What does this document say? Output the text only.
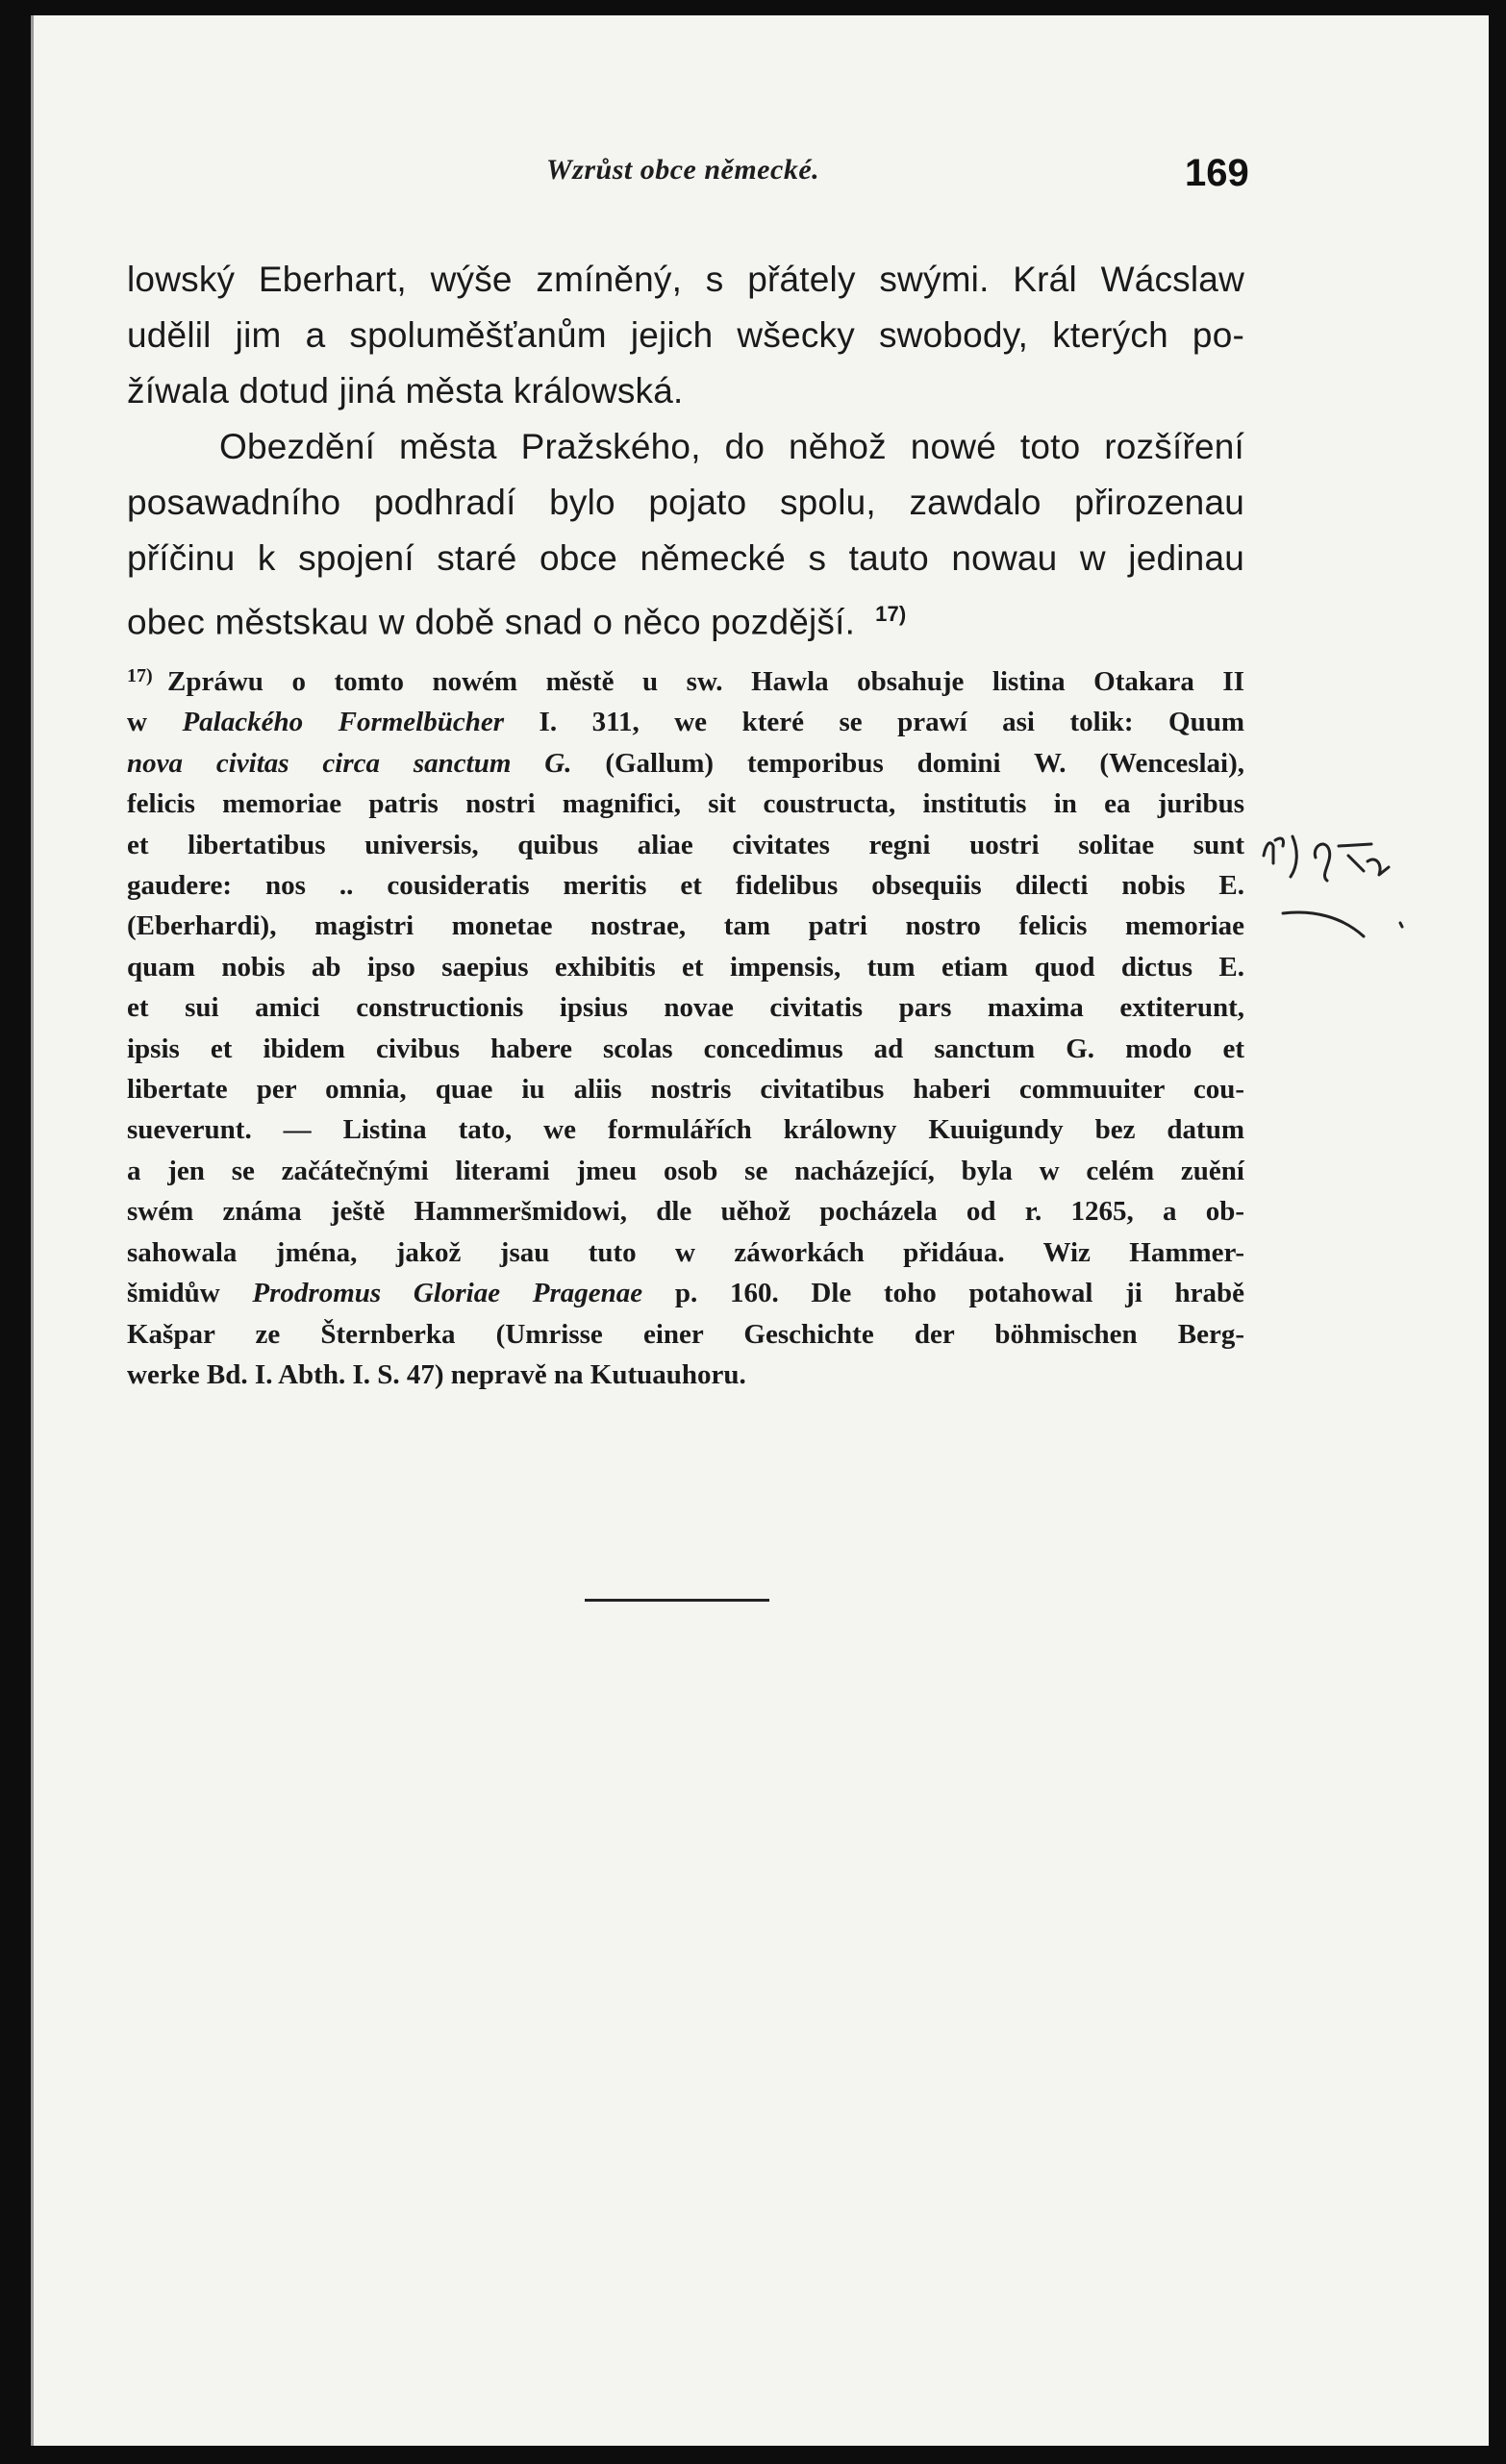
Wzrůst obce německé.	169
lowský Eberhart, wýše zmíněný, s přátely swými. Král Wácslaw
udělil jim a spoluměšťanům jejich wšecky swobody, kterých po-
žíwala dotud jiná města králowská.
Obezdění města Pražského, do něhož nowé toto rozšíření
posawadního podhradí bylo pojato spolu, zawdalo přirozenau
příčinu k spojení staré obce německé s tauto nowau w jedinau
obec městskau w době snad o něco pozdější. $^{17)}$
17) Zpráwu o tomto nowém městě u sw. Hawla obsahuje listina Otakara II
w Palackého Formelbücher I. 311, we které se prawí asi tolik: Quum
nova civitas circa sanctum G. (Gallum) temporibus domini W. (Wenceslai),
felicis memoriae patris nostri magnifici, sit coustructa, institutis in ea juribus
et libertatibus universis, quibus aliae civitates regni uostri solitae sunt
gaudere: nos .. cousideratis meritis et fidelibus obsequiis dilecti nobis E.
(Eberhardi), magistri monetae nostrae, tam patri nostro felicis memoriae
quam nobis ab ipso saepius exhibitis et impensis, tum etiam quod dictus E.
et sui amici constructionis ipsius novae civitatis pars maxima extiterunt,
ipsis et ibidem civibus habere scolas concedimus ad sanctum G. modo et
libertate per omnia, quae iu aliis nostris civitatibus haberi commuuiter cou-
sueverunt. — Listina tato, we formulářích králowny Kuuigundy bez datum
a jen se začátečnými literami jmeu osob se nacházející, byla w celém zuění
swém známa ještě Hammeršmidowi, dle uěhož pocházela od r. 1265, a ob-
sahowala jména, jakož jsau tuto w záworkách přidáua. Wiz Hammer-
šmidůw Prodromus Gloriae Pragenae p. 160. Dle toho potahowal ji hrabě
Kašpar ze Šternberka (Umrisse einer Geschichte der böhmischen Berg-
werke Bd. I. Abth. I. S. 47) nepravě na Kutuauhoru.
